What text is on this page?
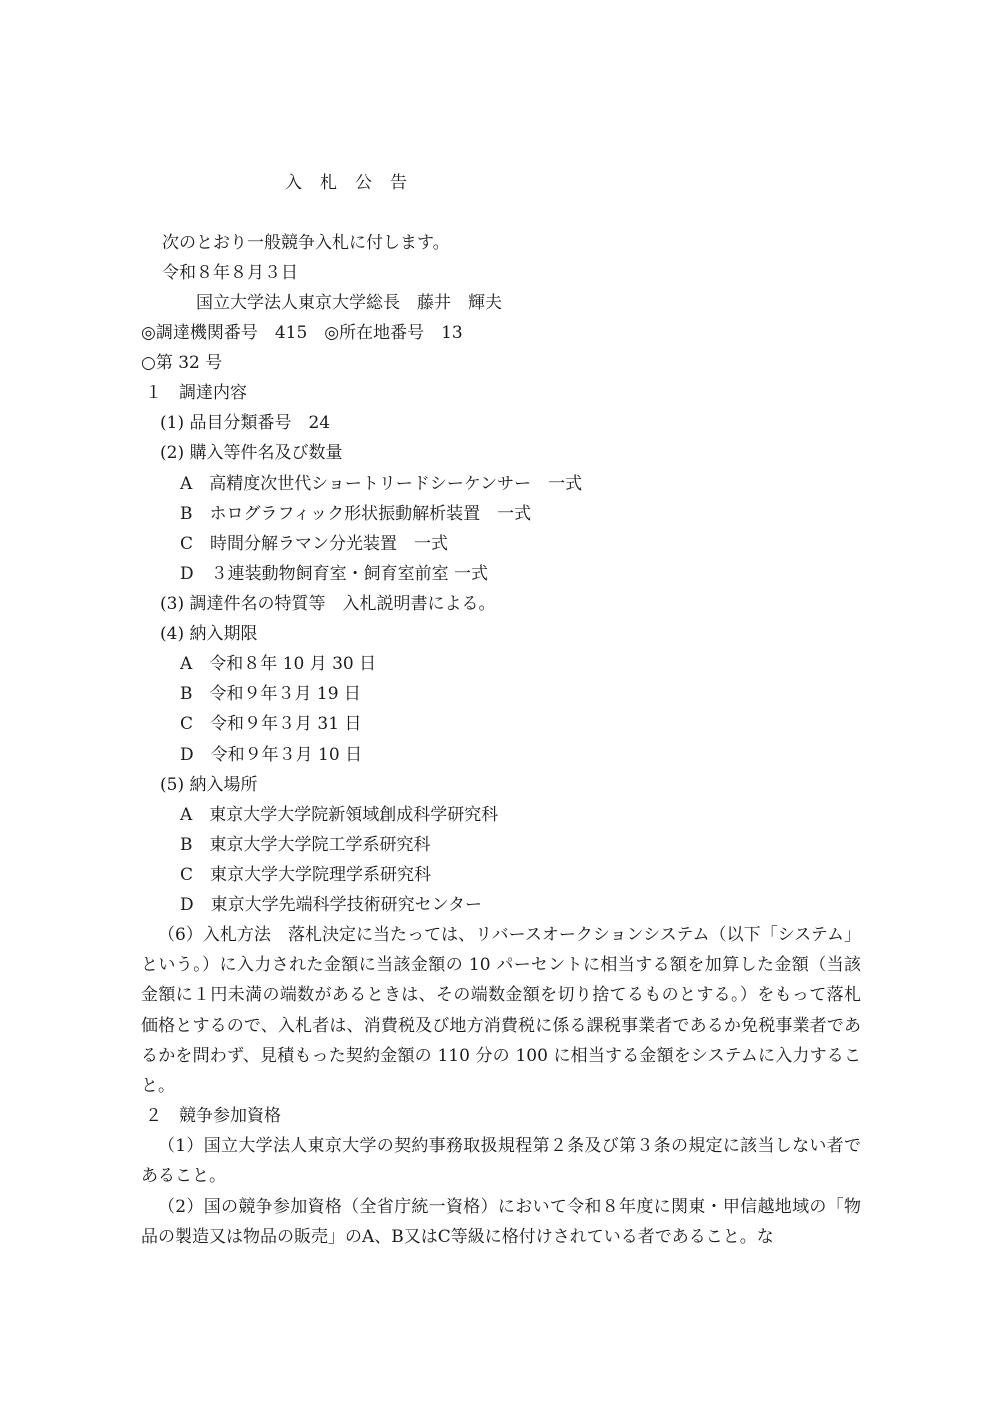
入札公告
次のとおり一般競争入札に付します。
令和８年８月３日
国立大学法人東京大学総長　藤井　輝夫
◎調達機関番号　415　◎所在地番号　13
○第 32 号
１　調達内容
(1) 品目分類番号　24
(2) 購入等件名及び数量
A　高精度次世代ショートリードシーケンサー　一式
B　ホログラフィック形状振動解析装置　一式
C　時間分解ラマン分光装置　一式
D　３連装動物飼育室・飼育室前室 一式
(3) 調達件名の特質等　入札説明書による。
(4) 納入期限
A　令和８年 10 月 30 日
B　令和９年３月 19 日
C　令和９年３月 31 日
D　令和９年３月 10 日
(5) 納入場所
A　東京大学大学院新領域創成科学研究科
B　東京大学大学院工学系研究科
C　東京大学大学院理学系研究科
D　東京大学先端科学技術研究センター
（6）入札方法　落札決定に当たっては、リバースオークションシステム（以下「システム」という。）に入力された金額に当該金額の 10 パーセントに相当する額を加算した金額（当該金額に１円未満の端数があるときは、その端数金額を切り捨てるものとする。）をもって落札価格とするので、入札者は、消費税及び地方消費税に係る課税事業者であるか免税事業者であるかを問わず、見積もった契約金額の 110 分の 100 に相当する金額をシステムに入力すること。
２　競争参加資格
（1）国立大学法人東京大学の契約事務取扱規程第２条及び第３条の規定に該当しない者であること。
（2）国の競争参加資格（全省庁統一資格）において令和８年度に関東・甲信越地域の「物品の製造又は物品の販売」のA、B又はC等級に格付けされている者であること。な
